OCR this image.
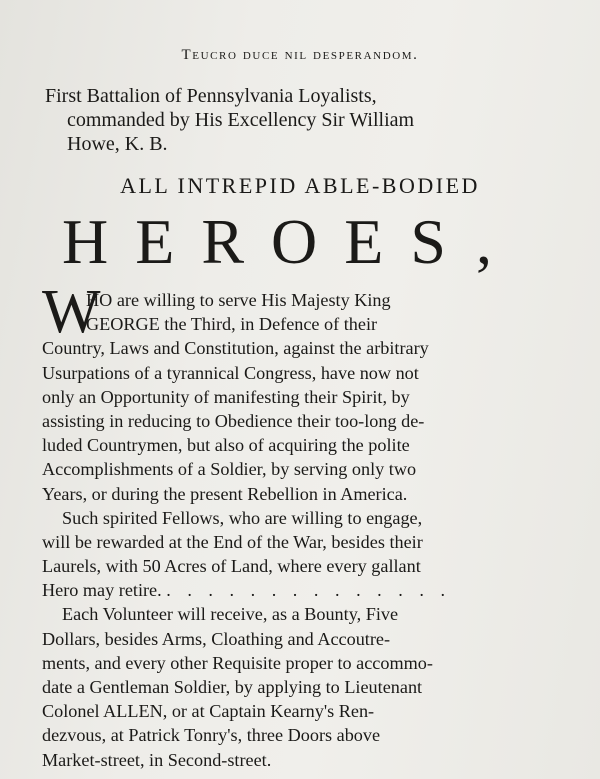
Teucro duce nil desperandom.
First Battalion of Pennsylvania Loyalists,
commanded by His Excellency Sir William
Howe, K. B.
ALL INTREPID ABLE-BODIED
HEROES ,
W
HO are willing to serve His Majesty King
GEORGE the Third, in Defence of their
Country, Laws and Constitution, against the arbitrary
Usurpations of a tyrannical Congress, have now not
only an Opportunity of manifesting their Spirit, by
assisting in reducing to Obedience their too-long de-
luded Countrymen, but also of acquiring the polite
Accomplishments of a Soldier, by serving only two
Years, or during the present Rebellion in America.
Such spirited Fellows, who are willing to engage,
will be rewarded at the End of the War, besides their
Laurels, with 50 Acres of Land, where every gallant
Hero may retire. . . . . . . . . . . . . . .
Each Volunteer will receive, as a Bounty, Five
Dollars, besides Arms, Cloathing and Accoutre-
ments, and every other Requisite proper to accommo-
date a Gentleman Soldier, by applying to Lieutenant
Colonel ALLEN, or at Captain Kearny's Ren-
dezvous, at Patrick Tonry's, three Doors above
Market-street, in Second-street.
